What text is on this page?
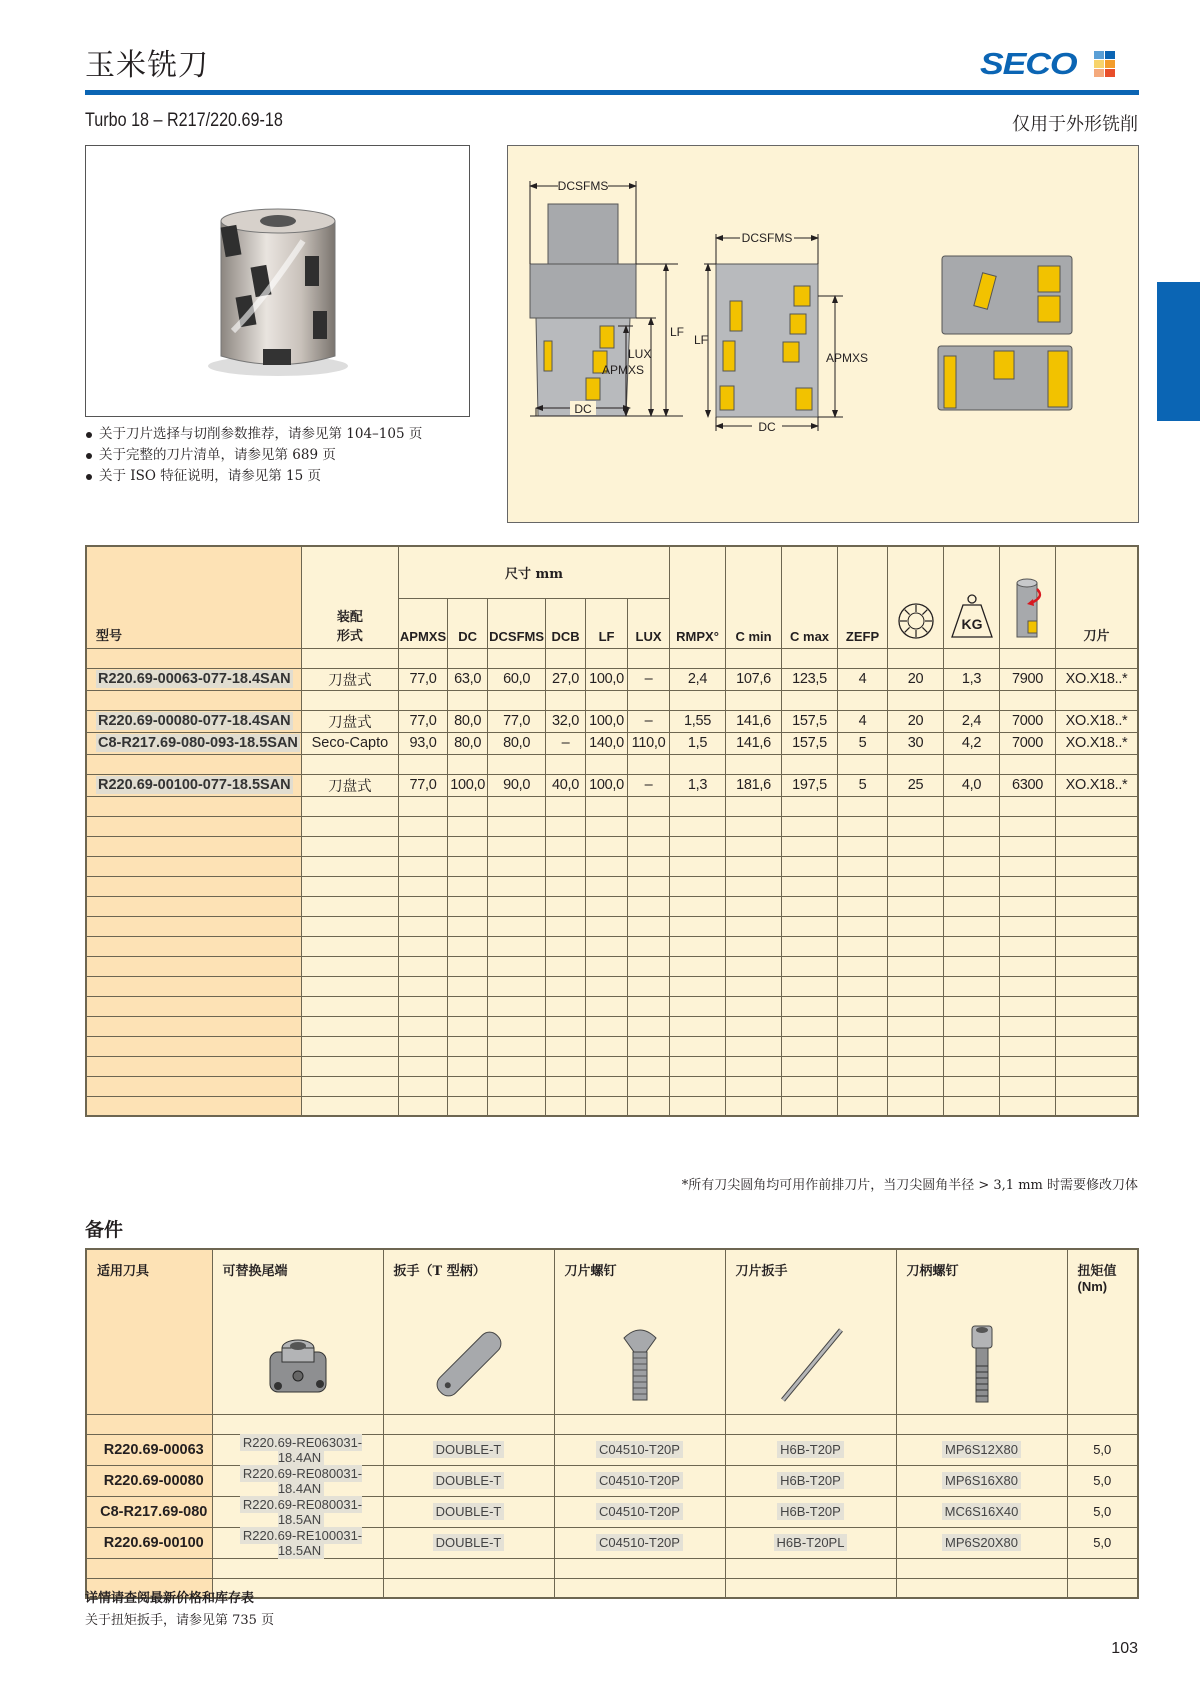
玉米铣刀	SECO
Turbo 18 – R217/220.69-18	仅用于外形铣削
关于刀片选择与切削参数推荐，请参见第 104–105 页
关于完整的刀片清单，请参见第 689 页
关于 ISO 特征说明，请参见第 15 页
DCSFMS
DC
LF
LUX
APMXS
DCSFMS
LF
APMXS
DC
型号	装配
形式	尺寸 mm						RMPX°	C min	C max	ZEFP		KG		刀片
		APMXS	DC	DCSFMS	DCB	LF	LUX								

R220.69-00063-077-18.4SAN	刀盘式	77,0	63,0	60,0	27,0	100,0	–	2,4	107,6	123,5	4	20	1,3	7900	XO.X18..*

R220.69-00080-077-18.4SAN	刀盘式	77,0	80,0	77,0	32,0	100,0	–	1,55	141,6	157,5	4	20	2,4	7000	XO.X18..*
C8-R217.69-080-093-18.5SAN	Seco-Capto	93,0	80,0	80,0	–	140,0	110,0	1,5	141,6	157,5	5	30	4,2	7000	XO.X18..*

R220.69-00100-077-18.5SAN	刀盘式	77,0	100,0	90,0	40,0	100,0	–	1,3	181,6	197,5	5	25	4,0	6300	XO.X18..*

*所有刀尖圆角均可用作前排刀片，当刀尖圆角半径 > 3,1 mm 时需要修改刀体
备件
适用刀具	可替换尾端	扳手（T 型柄）	刀片螺钉	刀片扳手	刀柄螺钉	扭矩值
(Nm)

R220.69-00063	R220.69-RE063031-18.4AN	DOUBLE-T	C04510-T20P	H6B-T20P	MP6S12X80	5,0
R220.69-00080	R220.69-RE080031-18.4AN	DOUBLE-T	C04510-T20P	H6B-T20P	MP6S16X80	5,0
C8-R217.69-080	R220.69-RE080031-18.5AN	DOUBLE-T	C04510-T20P	H6B-T20P	MC6S16X40	5,0
R220.69-00100	R220.69-RE100031-18.5AN	DOUBLE-T	C04510-T20P	H6B-T20PL	MP6S20X80	5,0

详情请查阅最新价格和库存表
关于扭矩扳手，请参见第 735 页
103
